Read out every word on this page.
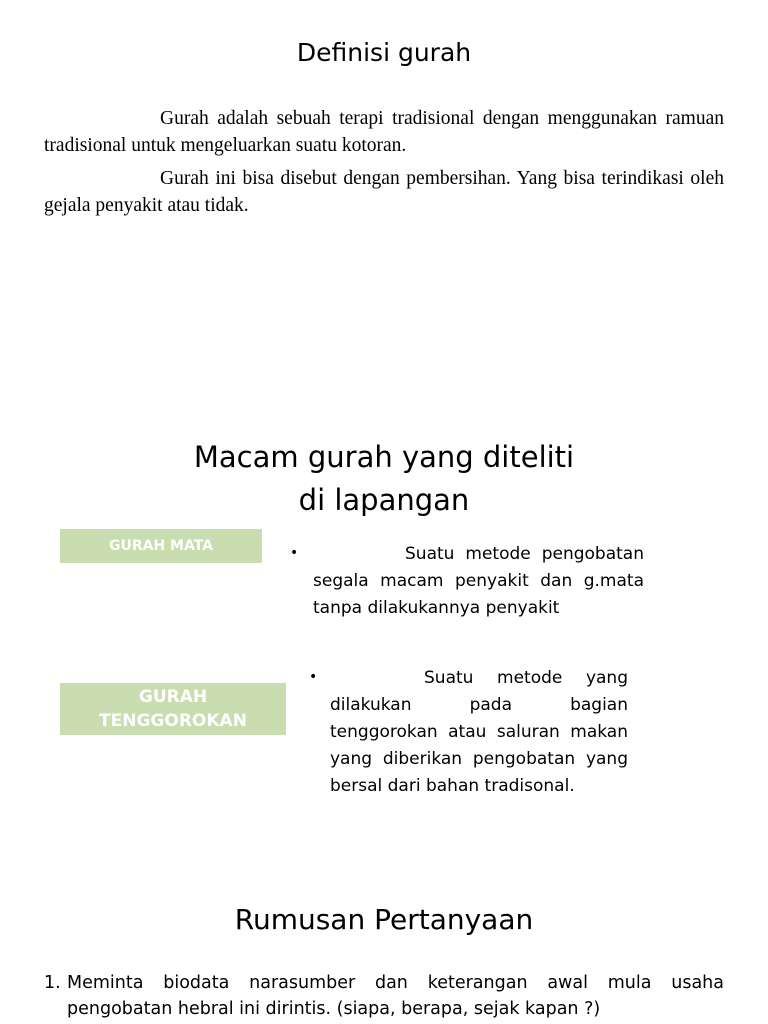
Definisi gurah

Gurah adalah sebuah terapi tradisional dengan menggunakan ramuan tradisional untuk mengeluarkan suatu kotoran.

Gurah ini bisa disebut dengan pembersihan. Yang bisa terindikasi oleh gejala penyakit atau tidak.

Macam gurah yang diteliti
di lapangan
GURAH MATA	•	Suatu metode pengobatan segala macam penyakit dan g.mata tanpa dilakukannya penyakit

GURAH TENGGOROKAN
•	Suatu metode yang dilakukan pada bagian tenggorokan atau saluran makan yang diberikan pengobatan yang bersal dari bahan tradisonal.

Rumusan Pertanyaan
1. Meminta biodata narasumber dan keterangan awal mula usaha pengobatan hebral ini dirintis. (siapa, berapa, sejak kapan ?)
